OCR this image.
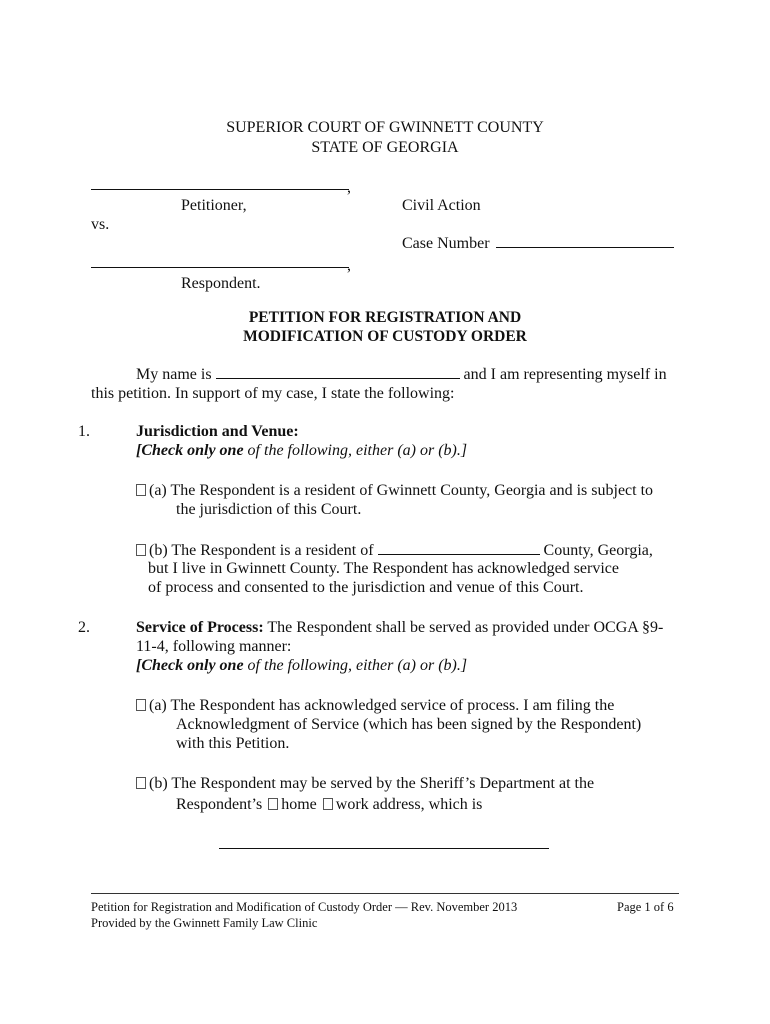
SUPERIOR COURT OF GWINNETT COUNTY
STATE OF GEORGIA
,
Petitioner,	Civil Action
vs.
Case Number
,
Respondent.
PETITION FOR REGISTRATION AND
MODIFICATION OF CUSTODY ORDER
My name is	and I am representing myself in
this petition. In support of my case, I state the following:
1.	Jurisdiction and Venue:
[Check only one of the following, either (a) or (b).]
(a) The Respondent is a resident of Gwinnett County, Georgia and is subject to
the jurisdiction of this Court.
(b) The Respondent is a resident of	County, Georgia,
but I live in Gwinnett County. The Respondent has acknowledged service
of process and consented to the jurisdiction and venue of this Court.
2.	Service of Process: The Respondent shall be served as provided under OCGA §9-
11-4, following manner:
[Check only one of the following, either (a) or (b).]
(a) The Respondent has acknowledged service of process. I am filing the
Acknowledgment of Service (which has been signed by the Respondent)
with this Petition.
(b) The Respondent may be served by the Sheriff’s Department at the
Respondent’s home work address, which is
Petition for Registration and Modification of Custody Order — Rev. November 2013	Page 1 of 6
Provided by the Gwinnett Family Law Clinic
